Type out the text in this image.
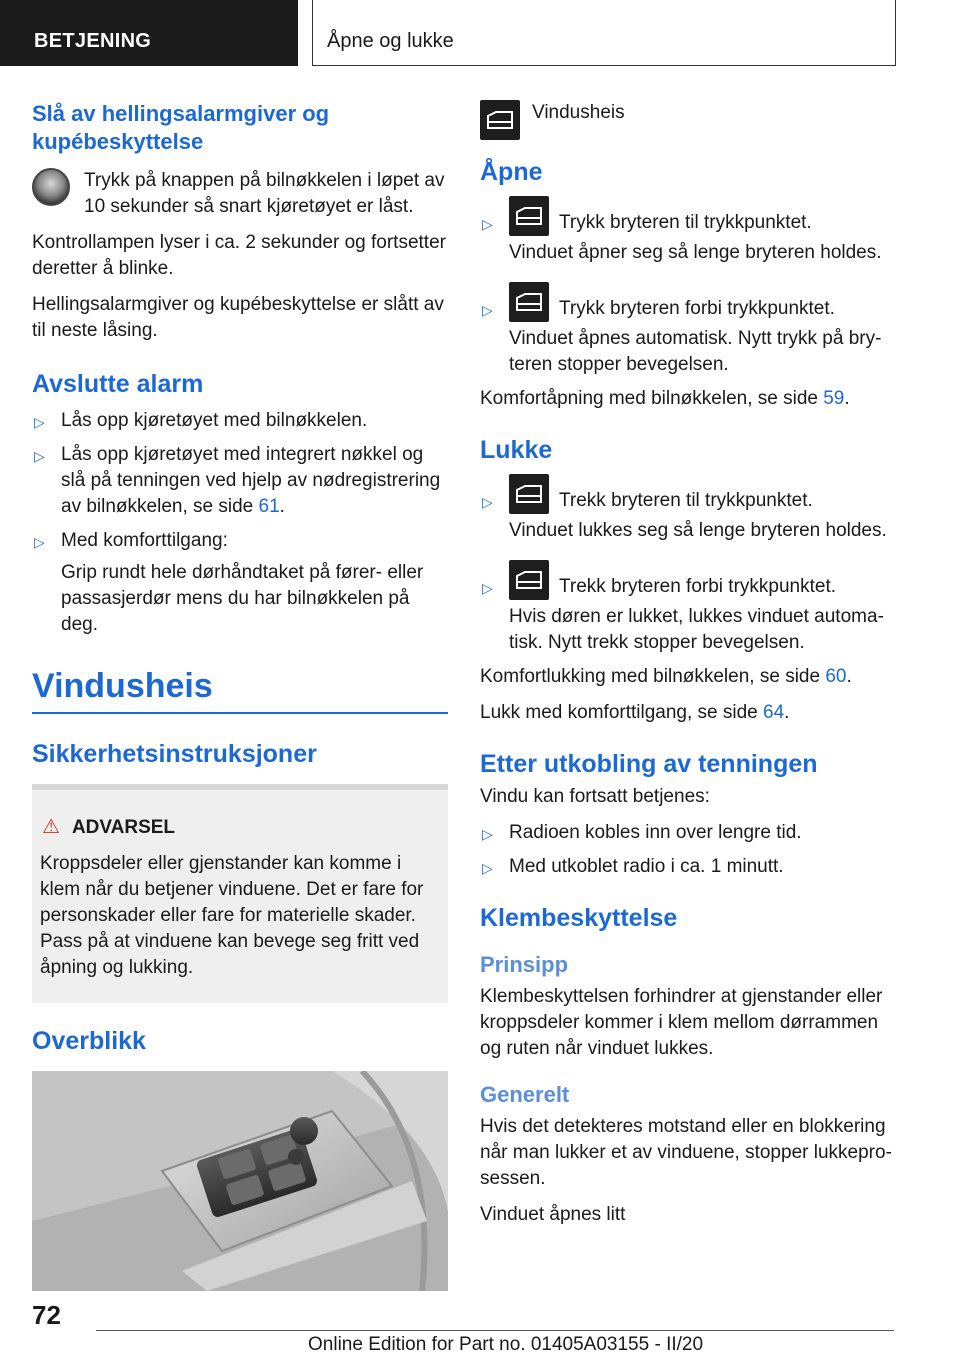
BETJENING	Åpne og lukke
Slå av hellingsalarmgiver og kupébeskyttelse
Trykk på knappen på bilnøkkelen i løpet av 10 sekunder så snart kjøretøyet er låst.

Kontrollampen lyser i ca. 2 sekunder og fortsetter deretter å blinke.

Hellingsalarmgiver og kupébeskyttelse er slått av til neste låsing.

Avslutte alarm
▷ Lås opp kjøretøyet med bilnøkkelen.
▷ Lås opp kjøretøyet med integrert nøkkel og slå på tenningen ved hjelp av nødregistrering av bilnøkkelen, se side 61.
▷ Med komforttilgang:

Grip rundt hele dørhåndtaket på fører- eller passasjerdør mens du har bilnøkkelen på deg.
Vindusheis
Sikkerhetsinstruksjoner
⚠ ADVARSEL

Kroppsdeler eller gjenstander kan komme i klem når du betjener vinduene. Det er fare for personskader eller fare for materielle skader. Pass på at vinduene kan bevege seg fritt ved åpning og lukking.

Overblikk
Vindusheis
Åpne
▷	Trykk bryteren til trykkpunktet.
Vinduet åpner seg så lenge bryteren holdes.
▷	Trykk bryteren forbi trykkpunktet.
Vinduet åpnes automatisk. Nytt trykk på bryteren stopper bevegelsen.

Komfortåpning med bilnøkkelen, se side 59.

Lukke
▷	Trekk bryteren til trykkpunktet.
Vinduet lukkes seg så lenge bryteren holdes.
▷	Trekk bryteren forbi trykkpunktet.
Hvis døren er lukket, lukkes vinduet automatisk. Nytt trekk stopper bevegelsen.

Komfortlukking med bilnøkkelen, se side 60.

Lukk med komforttilgang, se side 64.

Etter utkobling av tenningen

Vindu kan fortsatt betjenes:

▷ Radioen kobles inn over lengre tid.
▷ Med utkoblet radio i ca. 1 minutt.
Klembeskyttelse
Prinsipp

Klembeskyttelsen forhindrer at gjenstander eller kroppsdeler kommer i klem mellom dørrammen og ruten når vinduet lukkes.

Generelt

Hvis det detekteres motstand eller en blokkering når man lukker et av vinduene, stopper lukkeprosessen.

Vinduet åpnes litt

72
Online Edition for Part no. 01405A03155 - II/20
